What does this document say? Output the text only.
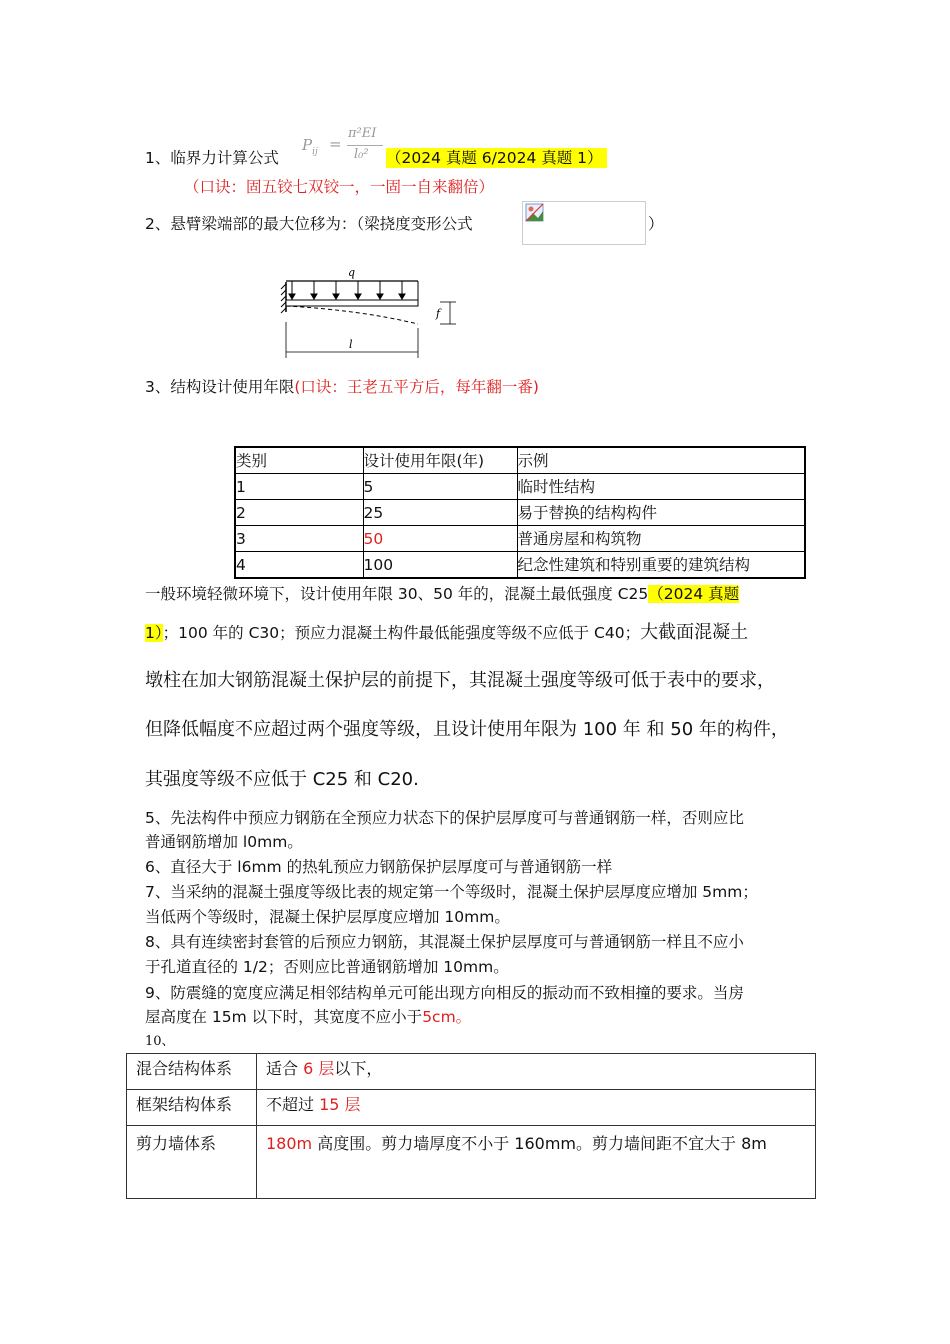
1、临界力计算公式
$P_{ij}$ =
π²EI
l₀² （2024 真题 6/2024 真题 1）
（口诀：固五铰七双铰一，一固一自来翻倍）
2、悬臂梁端部的最大位移为：（梁挠度变形公式	）
q
f
l
3、结构设计使用年限(口诀：王老五平方后，每年翻一番)
类别	设计使用年限(年)	示例
1	5	临时性结构
2	25	易于替换的结构构件
3	50	普通房屋和构筑物
4	100	纪念性建筑和特别重要的建筑结构
一般环境轻微环境下，设计使用年限 30、50 年的，混凝土最低强度 C25（2024 真题
1）；100 年的 C30；预应力混凝土构件最低能强度等级不应低于 C40；大截面混凝土
墩柱在加大钢筋混凝土保护层的前提下，其混凝土强度等级可低于表中的要求，
但降低幅度不应超过两个强度等级，且设计使用年限为 100 年 和 50 年的构件，
其强度等级不应低于 C25 和 C20.
5、先法构件中预应力钢筋在全预应力状态下的保护层厚度可与普通钢筋一样，否则应比
普通钢筋增加 l0mm。
6、直径大于 l6mm 的热轧预应力钢筋保护层厚度可与普通钢筋一样
7、当采纳的混凝土强度等级比表的规定第一个等级时，混凝土保护层厚度应增加 5mm；
当低两个等级时，混凝土保护层厚度应增加 10mm。
8、具有连续密封套管的后预应力钢筋，其混凝土保护层厚度可与普通钢筋一样且不应小
于孔道直径的 1/2；否则应比普通钢筋增加 10mm。
9、防震缝的宽度应满足相邻结构单元可能出现方向相反的振动而不致相撞的要求。当房
屋高度在 15m 以下时，其宽度不应小于5cm。
10、
混合结构体系	适合 6 层以下，
框架结构体系	不超过 15 层
剪力墙体系	180m 高度围。剪力墙厚度不小于 160mm。剪力墙间距不宜大于 8m
